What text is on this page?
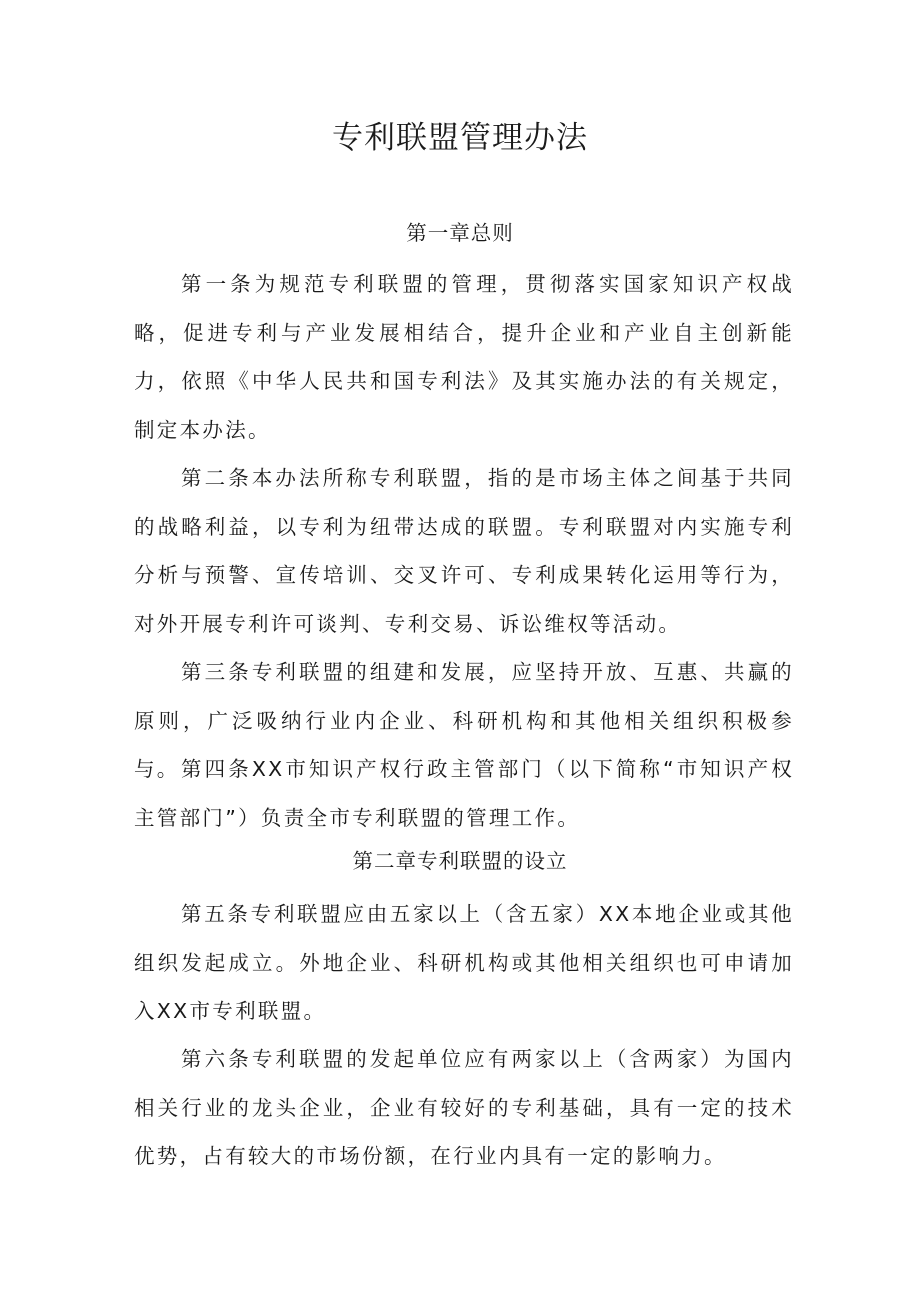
专利联盟管理办法
第一章总则

第一条为规范专利联盟的管理，贯彻落实国家知识产权战略，促进专利与产业发展相结合，提升企业和产业自主创新能力，依照《中华人民共和国专利法》及其实施办法的有关规定，制定本办法。

第二条本办法所称专利联盟，指的是市场主体之间基于共同的战略利益，以专利为纽带达成的联盟。专利联盟对内实施专利分析与预警、宣传培训、交叉许可、专利成果转化运用等行为，对外开展专利许可谈判、专利交易、诉讼维权等活动。

第三条专利联盟的组建和发展，应坚持开放、互惠、共赢的原则，广泛吸纳行业内企业、科研机构和其他相关组织积极参与。 第四条XX市知识产权行政主管部门（以下简称“市知识产权主管部门”）负责全市专利联盟的管理工作。

第二章专利联盟的设立

第五条专利联盟应由五家以上（含五家）XX本地企业或其他组织发起成立。外地企业、科研机构或其他相关组织也可申请加入XX市专利联盟。

第六条专利联盟的发起单位应有两家以上（含两家）为国内相关行业的龙头企业，企业有较好的专利基础，具有一定的技术优势，占有较大的市场份额，在行业内具有一定的影响力。
